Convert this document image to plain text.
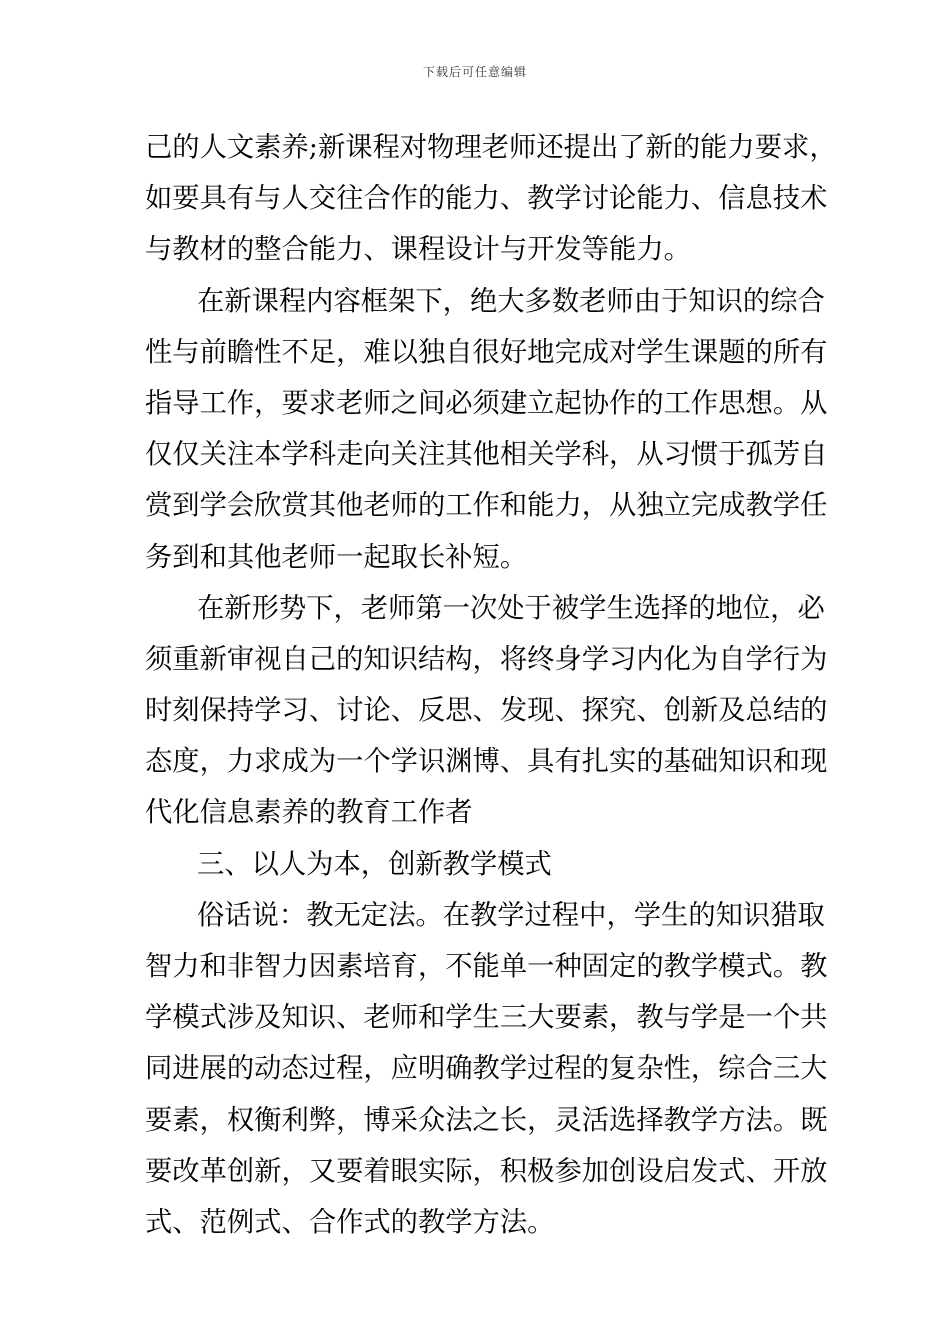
下载后可任意编辑
己的人文素养;新课程对物理老师还提出了新的能力要求，
如要具有与人交往合作的能力、教学讨论能力、信息技术
与教材的整合能力、课程设计与开发等能力。
在新课程内容框架下，绝大多数老师由于知识的综合
性与前瞻性不足，难以独自很好地完成对学生课题的所有
指导工作，要求老师之间必须建立起协作的工作思想。从
仅仅关注本学科走向关注其他相关学科，从习惯于孤芳自
赏到学会欣赏其他老师的工作和能力，从独立完成教学任
务到和其他老师一起取长补短。
在新形势下，老师第一次处于被学生选择的地位，必
须重新审视自己的知识结构，将终身学习内化为自学行为
时刻保持学习、讨论、反思、发现、探究、创新及总结的
态度，力求成为一个学识渊博、具有扎实的基础知识和现
代化信息素养的教育工作者
三、以人为本，创新教学模式
俗话说：教无定法。在教学过程中，学生的知识猎取
智力和非智力因素培育，不能单一种固定的教学模式。教
学模式涉及知识、老师和学生三大要素，教与学是一个共
同进展的动态过程，应明确教学过程的复杂性，综合三大
要素，权衡利弊，博采众法之长，灵活选择教学方法。既
要改革创新，又要着眼实际，积极参加创设启发式、开放
式、范例式、合作式的教学方法。
